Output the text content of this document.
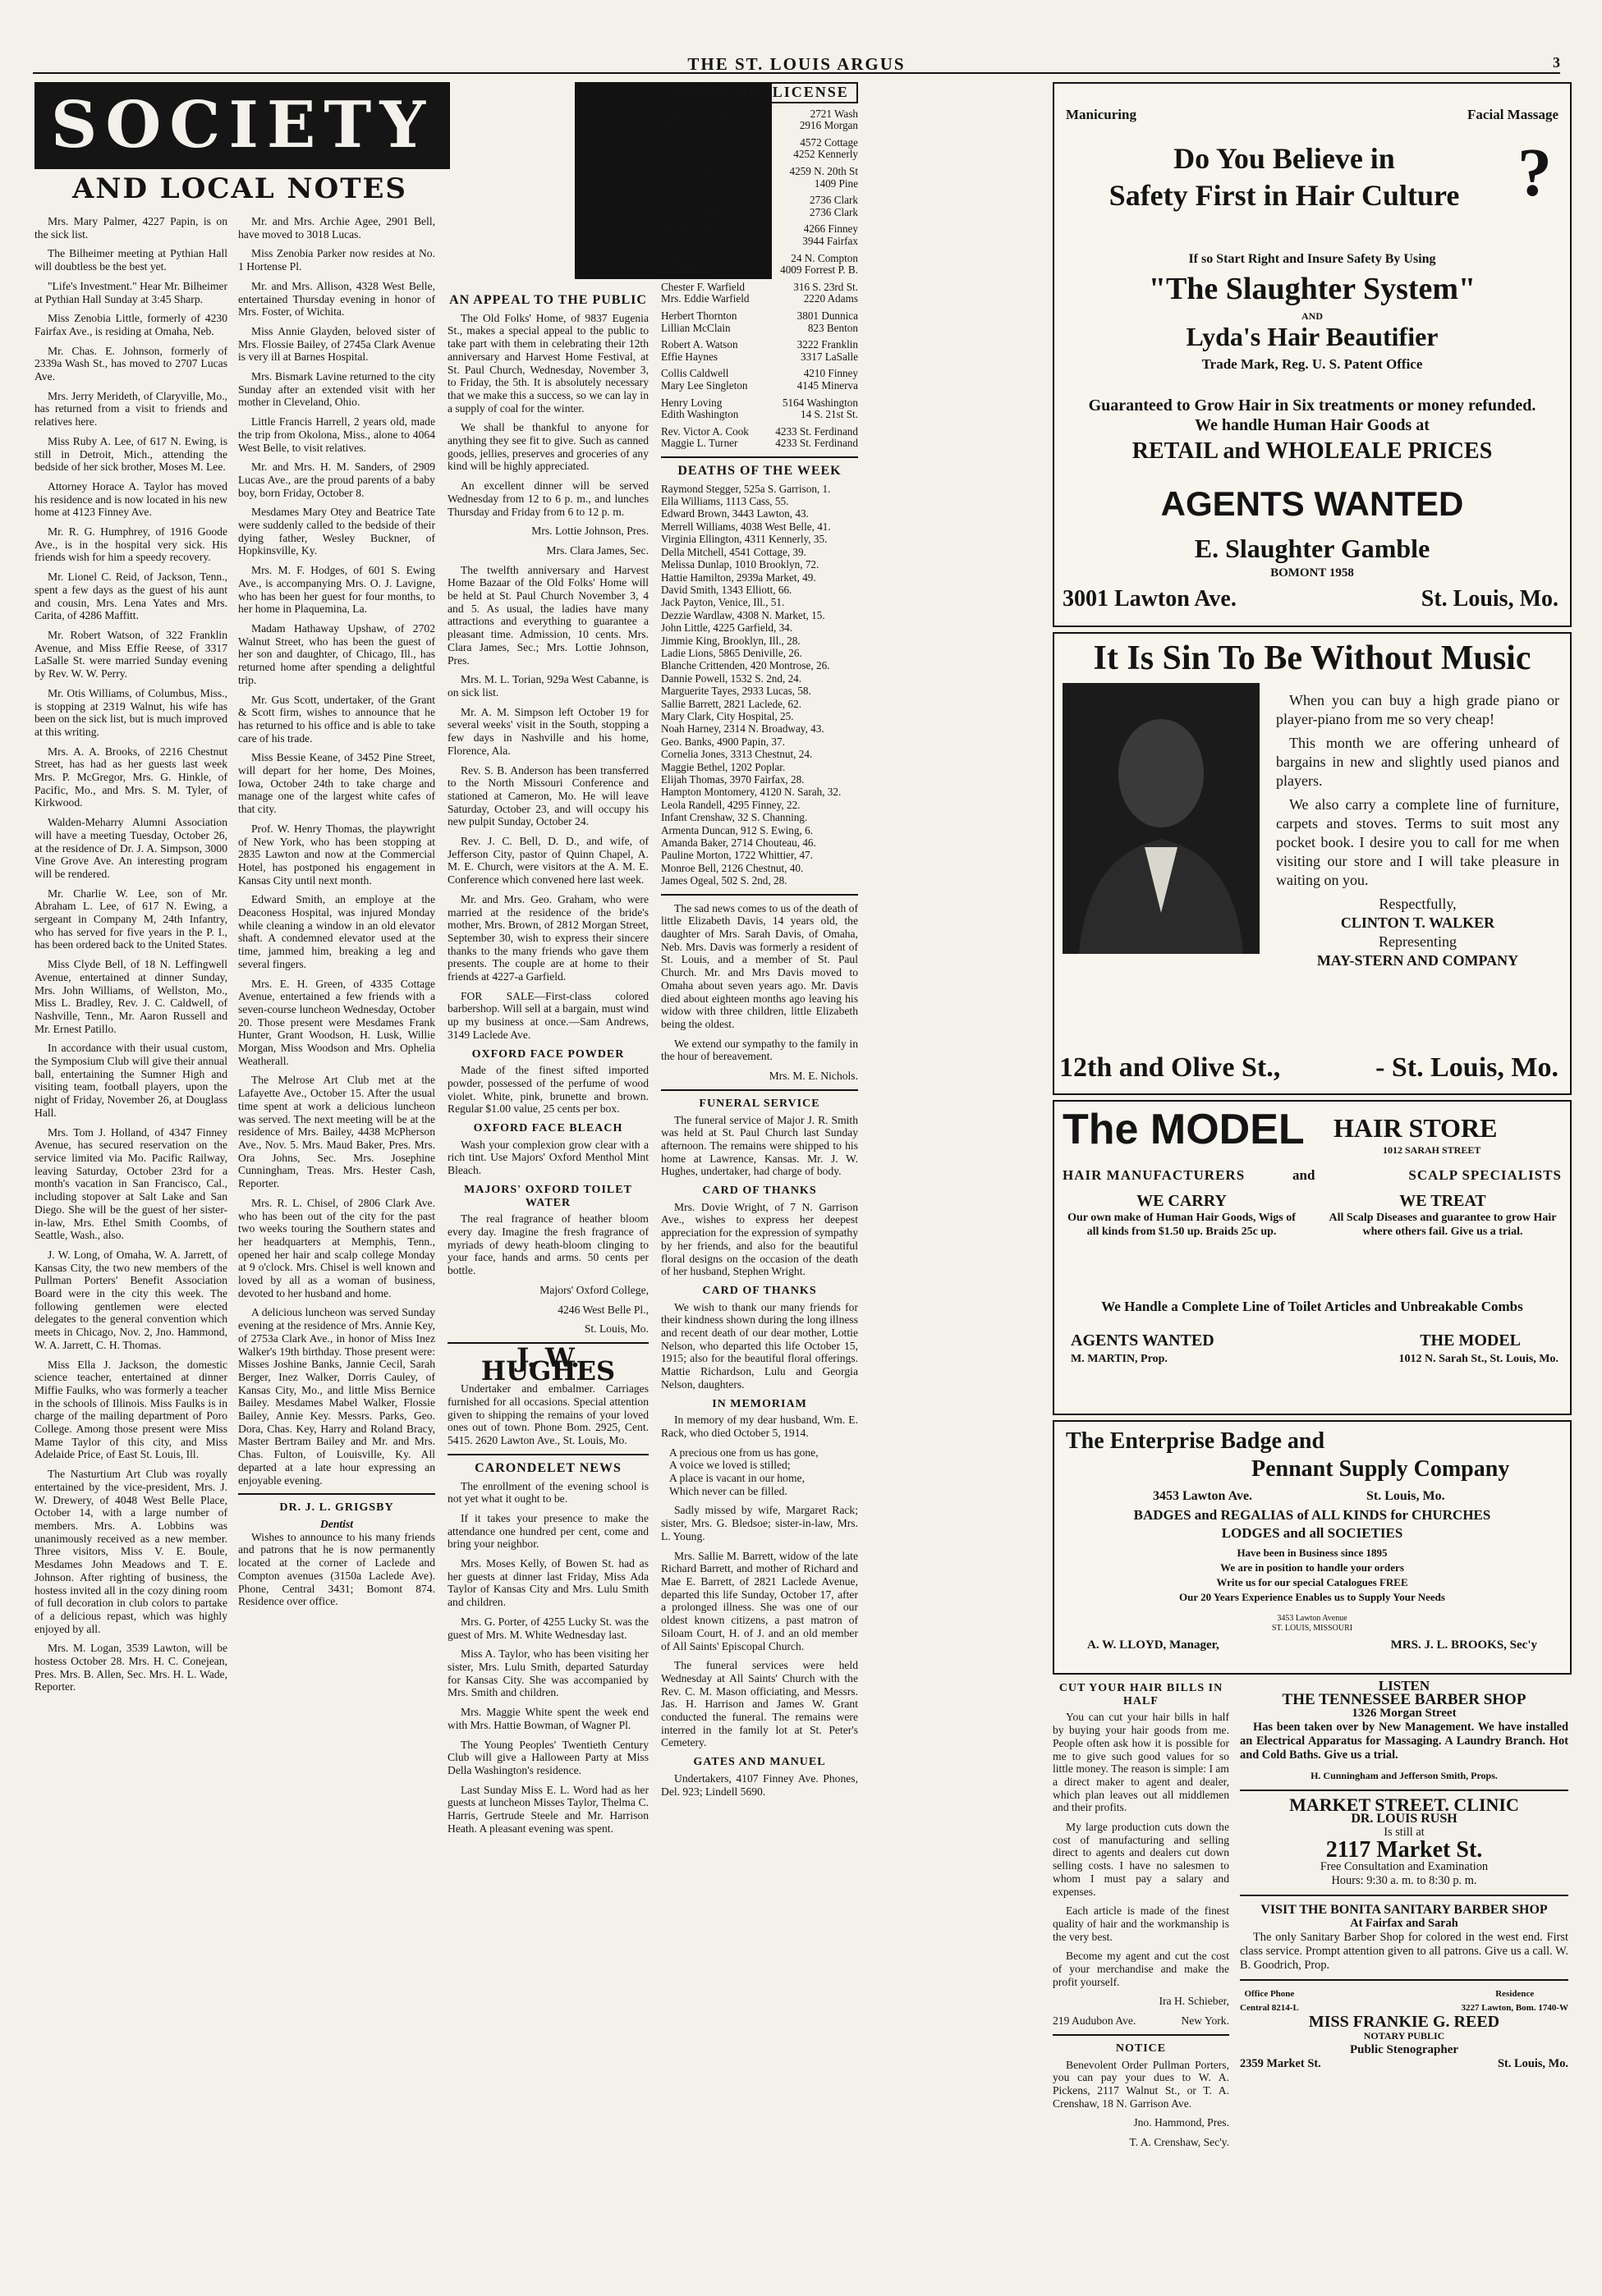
THE ST. LOUIS ARGUS	3
SOCIETY
AND LOCAL NOTES

Mrs. Mary Palmer, 4227 Papin, is on the sick list.

The Bilheimer meeting at Pythian Hall will doubtless be the best yet.

"Life's Investment." Hear Mr. Bilheimer at Pythian Hall Sunday at 3:45 Sharp.

Miss Zenobia Little, formerly of 4230 Fairfax Ave., is residing at Omaha, Neb.

Mr. Chas. E. Johnson, formerly of 2339a Wash St., has moved to 2707 Lucas Ave.

Mrs. Jerry Merideth, of Claryville, Mo., has returned from a visit to friends and relatives here.

Miss Ruby A. Lee, of 617 N. Ewing, is still in Detroit, Mich., attending the bedside of her sick brother, Moses M. Lee.

Attorney Horace A. Taylor has moved his residence and is now located in his new home at 4123 Finney Ave.

Mr. R. G. Humphrey, of 1916 Goode Ave., is in the hospital very sick. His friends wish for him a speedy recovery.

Mr. Lionel C. Reid, of Jackson, Tenn., spent a few days as the guest of his aunt and cousin, Mrs. Lena Yates and Mrs. Carita, of 4286 Maffitt.

Mr. Robert Watson, of 322 Franklin Avenue, and Miss Effie Reese, of 3317 LaSalle St. were married Sunday evening by Rev. W. W. Perry.

Mr. Otis Williams, of Columbus, Miss., is stopping at 2319 Walnut, his wife has been on the sick list, but is much improved at this writing.

Mrs. A. A. Brooks, of 2216 Chestnut Street, has had as her guests last week Mrs. P. McGregor, Mrs. G. Hinkle, of Pacific, Mo., and Mrs. S. M. Tyler, of Kirkwood.

Walden-Meharry Alumni Association will have a meeting Tuesday, October 26, at the residence of Dr. J. A. Simpson, 3000 Vine Grove Ave. An interesting program will be rendered.

Mr. Charlie W. Lee, son of Mr. Abraham L. Lee, of 617 N. Ewing, a sergeant in Company M, 24th Infantry, who has served for five years in the P. I., has been ordered back to the United States.

Miss Clyde Bell, of 18 N. Leffingwell Avenue, entertained at dinner Sunday, Mrs. John Williams, of Wellston, Mo., Miss L. Bradley, Rev. J. C. Caldwell, of Nashville, Tenn., Mr. Aaron Russell and Mr. Ernest Patillo.

In accordance with their usual custom, the Symposium Club will give their annual ball, entertaining the Sumner High and visiting team, football players, upon the night of Friday, November 26, at Douglass Hall.

Mrs. Tom J. Holland, of 4347 Finney Avenue, has secured reservation on the service limited via Mo. Pacific Railway, leaving Saturday, October 23rd for a month's vacation in San Francisco, Cal., including stopover at Salt Lake and San Diego. She will be the guest of her sister-in-law, Mrs. Ethel Smith Coombs, of Seattle, Wash., also.

J. W. Long, of Omaha, W. A. Jarrett, of Kansas City, the two new members of the Pullman Porters' Benefit Association Board were in the city this week. The following gentlemen were elected delegates to the general convention which meets in Chicago, Nov. 2, Jno. Hammond, W. A. Jarrett, C. H. Thomas.

Miss Ella J. Jackson, the domestic science teacher, entertained at dinner Miffie Faulks, who was formerly a teacher in the schools of Illinois. Miss Faulks is in charge of the mailing department of Poro College. Among those present were Miss Mame Taylor of this city, and Miss Adelaide Price, of East St. Louis, Ill.

The Nasturtium Art Club was royally entertained by the vice-president, Mrs. J. W. Drewery, of 4048 West Belle Place, October 14, with a large number of members. Mrs. A. Lobbins was unanimously received as a new member. Three visitors, Miss V. E. Boule, Mesdames John Meadows and T. E. Johnson. After righting of business, the hostess invited all in the cozy dining room of full decoration in club colors to partake of a delicious repast, which was highly enjoyed by all.

Mrs. M. Logan, 3539 Lawton, will be hostess October 28. Mrs. H. C. Conejean, Pres. Mrs. B. Allen, Sec. Mrs. H. L. Wade, Reporter.

Mr. and Mrs. Archie Agee, 2901 Bell, have moved to 3018 Lucas.

Miss Zenobia Parker now resides at No. 1 Hortense Pl.

Mr. and Mrs. Allison, 4328 West Belle, entertained Thursday evening in honor of Mrs. Foster, of Wichita.

Miss Annie Glayden, beloved sister of Mrs. Flossie Bailey, of 2745a Clark Avenue is very ill at Barnes Hospital.

Mrs. Bismark Lavine returned to the city Sunday after an extended visit with her mother in Cleveland, Ohio.

Little Francis Harrell, 2 years old, made the trip from Okolona, Miss., alone to 4064 West Belle, to visit relatives.

Mr. and Mrs. H. M. Sanders, of 2909 Lucas Ave., are the proud parents of a baby boy, born Friday, October 8.

Mesdames Mary Otey and Beatrice Tate were suddenly called to the bedside of their dying father, Wesley Buckner, of Hopkinsville, Ky.

Mrs. M. F. Hodges, of 601 S. Ewing Ave., is accompanying Mrs. O. J. Lavigne, who has been her guest for four months, to her home in Plaquemina, La.

Madam Hathaway Upshaw, of 2702 Walnut Street, who has been the guest of her son and daughter, of Chicago, Ill., has returned home after spending a delightful trip.

Mr. Gus Scott, undertaker, of the Grant & Scott firm, wishes to announce that he has returned to his office and is able to take care of his trade.

Miss Bessie Keane, of 3452 Pine Street, will depart for her home, Des Moines, Iowa, October 24th to take charge and manage one of the largest white cafes of that city.

Prof. W. Henry Thomas, the playwright of New York, who has been stopping at 2835 Lawton and now at the Commercial Hotel, has postponed his engagement in Kansas City until next month.

Edward Smith, an employe at the Deaconess Hospital, was injured Monday while cleaning a window in an old elevator shaft. A condemned elevator used at the time, jammed him, breaking a leg and several fingers.

Mrs. E. H. Green, of 4335 Cottage Avenue, entertained a few friends with a seven-course luncheon Wednesday, October 20. Those present were Mesdames Frank Hunter, Grant Woodson, H. Lusk, Willie Morgan, Miss Woodson and Mrs. Ophelia Weatherall.

The Melrose Art Club met at the Lafayette Ave., October 15. After the usual time spent at work a delicious luncheon was served. The next meeting will be at the residence of Mrs. Bailey, 4438 McPherson Ave., Nov. 5. Mrs. Maud Baker, Pres. Mrs. Ora Johns, Sec. Mrs. Josephine Cunningham, Treas. Mrs. Hester Cash, Reporter.

Mrs. R. L. Chisel, of 2806 Clark Ave. who has been out of the city for the past two weeks touring the Southern states and her headquarters at Memphis, Tenn., opened her hair and scalp college Monday at 9 o'clock. Mrs. Chisel is well known and loved by all as a woman of business, devoted to her husband and home.

A delicious luncheon was served Sunday evening at the residence of Mrs. Annie Key, of 2753a Clark Ave., in honor of Miss Inez Walker's 19th birthday. Those present were: Misses Joshine Banks, Jannie Cecil, Sarah Berger, Inez Walker, Dorris Cauley, of Kansas City, Mo., and little Miss Bernice Bailey. Mesdames Mabel Walker, Flossie Bailey, Annie Key. Messrs. Parks, Geo. Dora, Chas. Key, Harry and Roland Bracy, Master Bertram Bailey and Mr. and Mrs. Chas. Fulton, of Louisville, Ky. All departed at a late hour expressing an enjoyable evening.

DR. J. L. GRIGSBY
Dentist

Wishes to announce to his many friends and patrons that he is now permanently located at the corner of Laclede and Compton avenues (3150a Laclede Ave). Phone, Central 3431; Bomont 874. Residence over office.

AN APPEAL TO THE PUBLIC

The Old Folks' Home, of 9837 Eugenia St., makes a special appeal to the public to take part with them in celebrating their 12th anniversary and Harvest Home Festival, at St. Paul Church, Wednesday, November 3, to Friday, the 5th. It is absolutely necessary that we make this a success, so we can lay in a supply of coal for the winter.

We shall be thankful to anyone for anything they see fit to give. Such as canned goods, jellies, preserves and groceries of any kind will be highly appreciated.

An excellent dinner will be served Wednesday from 12 to 6 p. m., and lunches Thursday and Friday from 6 to 12 p. m.

Mrs. Lottie Johnson, Pres.
Mrs. Clara James, Sec.

The twelfth anniversary and Harvest Home Bazaar of the Old Folks' Home will be held at St. Paul Church November 3, 4 and 5. As usual, the ladies have many attractions and everything to guarantee a pleasant time. Admission, 10 cents. Mrs. Clara James, Sec.; Mrs. Lottie Johnson, Pres.

Mrs. M. L. Torian, 929a West Cabanne, is on sick list.

Mr. A. M. Simpson left October 19 for several weeks' visit in the South, stopping a few days in Nashville and his home, Florence, Ala.

Rev. S. B. Anderson has been transferred to the North Missouri Conference and stationed at Cameron, Mo. He will leave Saturday, October 23, and will occupy his new pulpit Sunday, October 24.

Rev. J. C. Bell, D. D., and wife, of Jefferson City, pastor of Quinn Chapel, A. M. E. Church, were visitors at the A. M. E. Conference which convened here last week.

Mr. and Mrs. Geo. Graham, who were married at the residence of the bride's mother, Mrs. Brown, of 2812 Morgan Street, September 30, wish to express their sincere thanks to the many friends who gave them presents. The couple are at home to their friends at 4227-a Garfield.

FOR SALE—First-class colored barbershop. Will sell at a bargain, must wind up my business at once.—Sam Andrews, 3149 Laclede Ave.

OXFORD FACE POWDER

Made of the finest sifted imported powder, possessed of the perfume of wood violet. White, pink, brunette and brown. Regular $1.00 value, 25 cents per box.

OXFORD FACE BLEACH

Wash your complexion grow clear with a rich tint. Use Majors' Oxford Menthol Mint Bleach.

MAJORS' OXFORD TOILET WATER

The real fragrance of heather bloom every day. Imagine the fresh fragrance of myriads of dewy heath-bloom clinging to your face, hands and arms. 50 cents per bottle.

Majors' Oxford College,
4246 West Belle Pl.,
St. Louis, Mo.
J. W. HUGHES

Undertaker and embalmer. Carriages furnished for all occasions. Special attention given to shipping the remains of your loved ones out of town. Phone Bom. 2925, Cent. 5415. 2620 Lawton Ave., St. Louis, Mo.

CARONDELET NEWS

The enrollment of the evening school is not yet what it ought to be.

If it takes your presence to make the attendance one hundred per cent, come and bring your neighbor.

Mrs. Moses Kelly, of Bowen St. had as her guests at dinner last Friday, Miss Ada Taylor of Kansas City and Mrs. Lulu Smith and children.

Mrs. G. Porter, of 4255 Lucky St. was the guest of Mrs. M. White Wednesday last.

Miss A. Taylor, who has been visiting her sister, Mrs. Lulu Smith, departed Saturday for Kansas City. She was accompanied by Mrs. Smith and children.

Mrs. Maggie White spent the week end with Mrs. Hattie Bowman, of Wagner Pl.

The Young Peoples' Twentieth Century Club will give a Halloween Party at Miss Della Washington's residence.

Last Sunday Miss E. L. Word had as her guests at luncheon Misses Taylor, Thelma C. Harris, Gertrude Steele and Mr. Harrison Heath. A pleasant evening was spent.

MARRIAGE LICENSE
Eugene Thomas	2721 Wash
Blanche Walls	2916 Morgan
Walter L. Kelby	4572 Cottage
Agnes L. Russell	4252 Kennerly
Robert Smith	4259 N. 20th St
Mattie Henderson	1409 Pine
Will Buford	2736 Clark
Francis Alston	2736 Clark
Burdeen Myers	4266 Finney
Claretta Burton	3944 Fairfax
Clifton Jackson	24 N. Compton
Estella Holt	4009 Forrest P. B.
Chester F. Warfield	316 S. 23rd St.
Mrs. Eddie Warfield	2220 Adams
Herbert Thornton	3801 Dunnica
Lillian McClain	823 Benton
Robert A. Watson	3222 Franklin
Effie Haynes	3317 LaSalle
Collis Caldwell	4210 Finney
Mary Lee Singleton	4145 Minerva
Henry Loving	5164 Washington
Edith Washington	14 S. 21st St.
Rev. Victor A. Cook 4233 St. Ferdinand
Maggie L. Turner	4233 St. Ferdinand
DEATHS OF THE WEEK
Raymond Stegger, 525a S. Garrison, 1.
Ella Williams, 1113 Cass, 55.
Edward Brown, 3443 Lawton, 43.
Merrell Williams, 4038 West Belle, 41.
Virginia Ellington, 4311 Kennerly, 35.
Della Mitchell, 4541 Cottage, 39.
Melissa Dunlap, 1010 Brooklyn, 72.
Hattie Hamilton, 2939a Market, 49.
David Smith, 1343 Elliott, 66.
Jack Payton, Venice, Ill., 51.
Dezzie Wardlaw, 4308 N. Market, 15.
John Little, 4225 Garfield, 34.
Jimmie King, Brooklyn, Ill., 28.
Ladie Lions, 5865 Deniville, 26.
Blanche Crittenden, 420 Montrose, 26.
Dannie Powell, 1532 S. 2nd, 24.
Marguerite Tayes, 2933 Lucas, 58.
Sallie Barrett, 2821 Laclede, 62.
Mary Clark, City Hospital, 25.
Noah Harney, 2314 N. Broadway, 43.
Geo. Banks, 4900 Papin, 37.
Cornelia Jones, 3313 Chestnut, 24.
Maggie Bethel, 1202 Poplar.
Elijah Thomas, 3970 Fairfax, 28.
Hampton Montomery, 4120 N. Sarah, 32.
Leola Randell, 4295 Finney, 22.
Infant Crenshaw, 32 S. Channing.
Armenta Duncan, 912 S. Ewing, 6.
Amanda Baker, 2714 Chouteau, 46.
Pauline Morton, 1722 Whittier, 47.
Monroe Bell, 2126 Chestnut, 40.
James Ogeal, 502 S. 2nd, 28.

The sad news comes to us of the death of little Elizabeth Davis, 14 years old, the daughter of Mrs. Sarah Davis, of Omaha, Neb. Mrs. Davis was formerly a resident of St. Louis, and a member of St. Paul Church. Mr. and Mrs Davis moved to Omaha about seven years ago. Mr. Davis died about eighteen months ago leaving his widow with three children, little Elizabeth being the oldest.

We extend our sympathy to the family in the hour of bereavement.

Mrs. M. E. Nichols.
FUNERAL SERVICE

The funeral service of Major J. R. Smith was held at St. Paul Church last Sunday afternoon. The remains were shipped to his home at Lawrence, Kansas. Mr. J. W. Hughes, undertaker, had charge of body.

CARD OF THANKS

Mrs. Dovie Wright, of 7 N. Garrison Ave., wishes to express her deepest appreciation for the expression of sympathy by her friends, and also for the beautiful floral designs on the occasion of the death of her husband, Stephen Wright.

CARD OF THANKS

We wish to thank our many friends for their kindness shown during the long illness and recent death of our dear mother, Lottie Nelson, who departed this life October 15, 1915; also for the beautiful floral offerings. Mattie Richardson, Lulu and Georgia Nelson, daughters.

IN MEMORIAM

In memory of my dear husband, Wm. E. Rack, who died October 5, 1914.

A precious one from us has gone,
A voice we loved is stilled;
A place is vacant in our home,
Which never can be filled.

Sadly missed by wife, Margaret Rack; sister, Mrs. G. Bledsoe; sister-in-law, Mrs. L. Young.

Mrs. Sallie M. Barrett, widow of the late Richard Barrett, and mother of Richard and Mae E. Barrett, of 2821 Laclede Avenue, departed this life Sunday, October 17, after a prolonged illness. She was one of our oldest known citizens, a past matron of Siloam Court, H. of J. and an old member of All Saints' Episcopal Church.

The funeral services were held Wednesday at All Saints' Church with the Rev. C. M. Mason officiating, and Messrs. Jas. H. Harrison and James W. Grant conducted the funeral. The remains were interred in the family lot at St. Peter's Cemetery.

GATES AND MANUEL

Undertakers, 4107 Finney Ave. Phones, Del. 923; Lindell 5690.

CUT YOUR HAIR BILLS IN HALF

You can cut your hair bills in half by buying your hair goods from me. People often ask how it is possible for me to give such good values for so little money. The reason is simple: I am a direct maker to agent and dealer, which plan leaves out all middlemen and their profits.

My large production cuts down the cost of manufacturing and selling direct to agents and dealers cut down selling costs. I have no salesmen to whom I must pay a salary and expenses.

Each article is made of the finest quality of hair and the workmanship is the very best.

Become my agent and cut the cost of your merchandise and make the profit yourself.

Ira H. Schieber,
219 Audubon Ave.	New York.
NOTICE

Benevolent Order Pullman Porters, you can pay your dues to W. A. Pickens, 2117 Walnut St., or T. A. Crenshaw, 18 N. Garrison Ave.

Jno. Hammond, Pres.
T. A. Crenshaw, Sec'y.
Manicuring	Facial Massage
Do You Believe in
Safety First in Hair Culture ?
If so Start Right and Insure Safety By Using
"The Slaughter System"
AND
Lyda's Hair Beautifier
Trade Mark, Reg. U. S. Patent Office
Guaranteed to Grow Hair in Six treatments or money refunded. We handle Human Hair Goods at
RETAIL and WHOLEALE PRICES
AGENTS WANTED
E. Slaughter Gamble
BOMONT 1958
3001 Lawton Ave.	St. Louis, Mo.
It Is Sin To Be Without Music

When you can buy a high grade piano or player-piano from me so very cheap!

This month we are offering unheard of bargains in new and slightly used pianos and players.

We also carry a complete line of furniture, carpets and stoves. Terms to suit most any pocket book. I desire you to call for me when visiting our store and I will take pleasure in waiting on you.

Respectfully,
CLINTON T. WALKER
Representing
MAY-STERN AND COMPANY
12th and Olive St.,	- St. Louis, Mo.
The MODEL HAIR STORE
1012 SARAH STREET
HAIR MANUFACTURERS	and	SCALP SPECIALISTS
WE CARRY
Our own make of Human Hair Goods, Wigs of all kinds from $1.50 up. Braids 25c up.
WE TREAT
All Scalp Diseases and guarantee to grow Hair where others fail. Give us a trial.
We Handle a Complete Line of Toilet Articles and Unbreakable Combs
AGENTS WANTED
M. MARTIN, Prop.
THE MODEL
1012 N. Sarah St., St. Louis, Mo.
The Enterprise Badge and
Pennant Supply Company
3453 Lawton Ave.	St. Louis, Mo.
BADGES and REGALIAS of ALL KINDS for CHURCHES
LODGES and all SOCIETIES
Have been in Business since 1895
We are in position to handle your orders
Write us for our special Catalogues FREE
Our 20 Years Experience Enables us to Supply Your Needs
3453 Lawton Avenue
ST. LOUIS, MISSOURI
A. W. LLOYD, Manager,	MRS. J. L. BROOKS, Sec'y
LISTEN
THE TENNESSEE BARBER SHOP
1326 Morgan Street

Has been taken over by New Management. We have installed an Electrical Apparatus for Massaging. A Laundry Branch. Hot and Cold Baths. Give us a trial.

H. Cunningham and Jefferson Smith, Props.
MARKET STREET. CLINIC
DR. LOUIS RUSH
Is still at
2117 Market St.
Free Consultation and Examination
Hours: 9:30 a. m. to 8:30 p. m.
VISIT THE BONITA SANITARY BARBER SHOP
At Fairfax and Sarah

The only Sanitary Barber Shop for colored in the west end. First class service. Prompt attention given to all patrons. Give us a call. W. B. Goodrich, Prop.

Office Phone
Central 8214-L
Residence
3227 Lawton, Bom. 1740-W
MISS FRANKIE G. REED
NOTARY PUBLIC
Public Stenographer
2359 Market St.	St. Louis, Mo.
